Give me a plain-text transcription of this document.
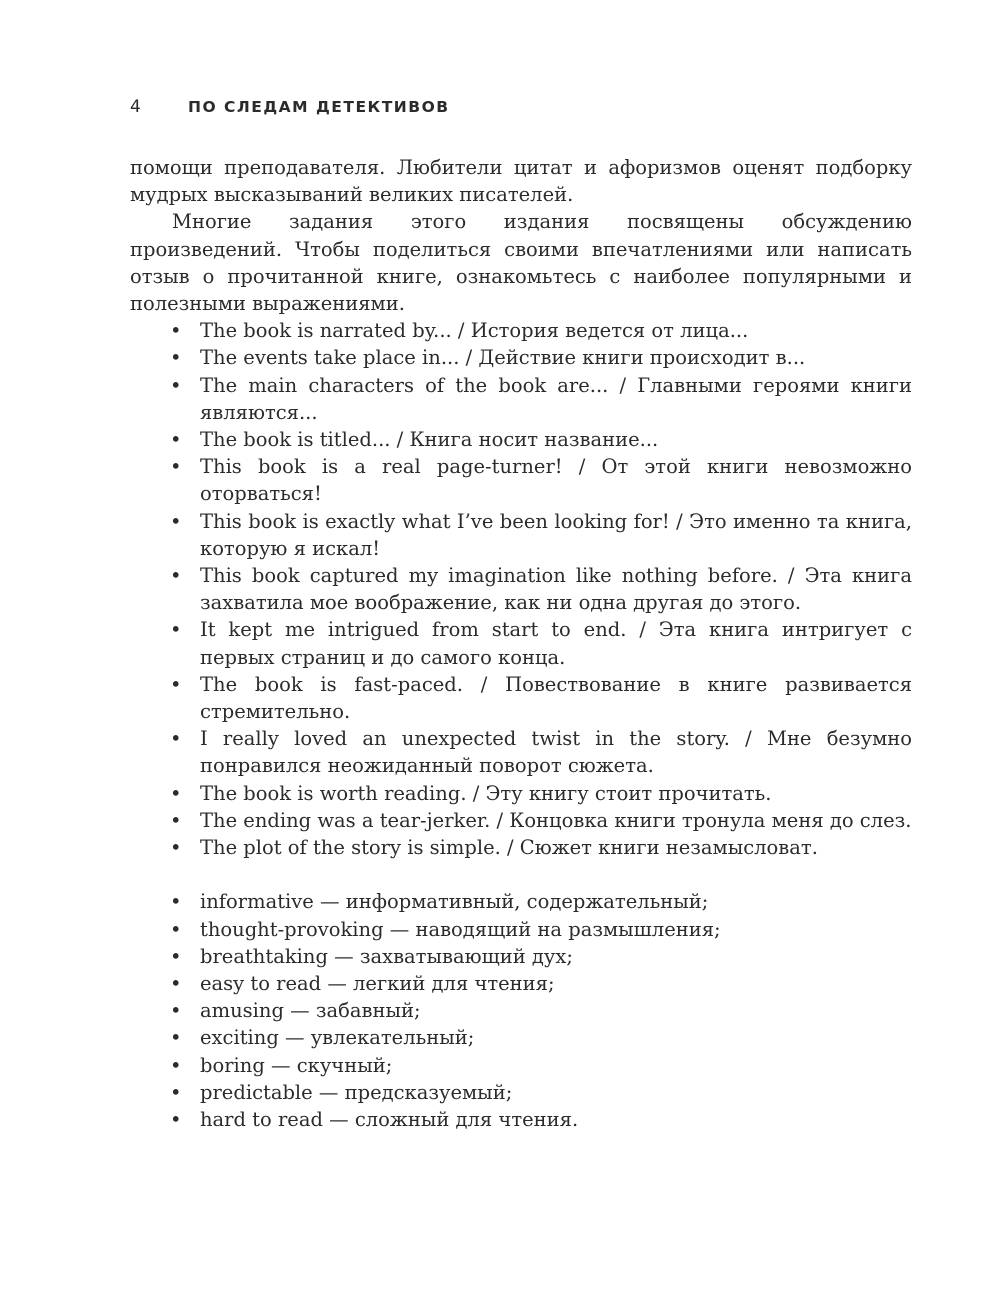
4	ПО СЛЕДАМ ДЕТЕКТИВОВ

помощи преподавателя. Любители цитат и афоризмов оценят подборку мудрых высказываний великих писателей.

Многие задания этого издания посвящены обсуждению произведений. Чтобы поделиться своими впечатлениями или написать отзыв о прочитанной книге, ознакомьтесь с наиболее популярными и полезными выражениями.

• The book is narrated by... / История ведется от лица...
• The events take place in... / Действие книги происходит в...
• The main characters of the book are... / Главными героями книги являются...
• The book is titled... / Книга носит название...
• This book is a real page-turner! / От этой книги невозможно оторваться!
• This book is exactly what I’ve been looking for! / Это именно та книга, которую я искал!
• This book captured my imagination like nothing before. / Эта книга захватила мое воображение, как ни одна другая до этого.
• It kept me intrigued from start to end. / Эта книга интригует с первых страниц и до самого конца.
• The book is fast-paced. / Повествование в книге развивается стремительно.
• I really loved an unexpected twist in the story. / Мне безумно понравился неожиданный поворот сюжета.
• The book is worth reading. / Эту книгу стоит прочитать.
• The ending was a tear-jerker. / Концовка книги тронула меня до слез.
• The plot of the story is simple. / Сюжет книги незамысловат.
• informative — информативный, содержательный;
• thought-provoking — наводящий на размышления;
• breathtaking — захватывающий дух;
• easy to read — легкий для чтения;
• amusing — забавный;
• exciting — увлекательный;
• boring — скучный;
• predictable — предсказуемый;
• hard to read — сложный для чтения.
